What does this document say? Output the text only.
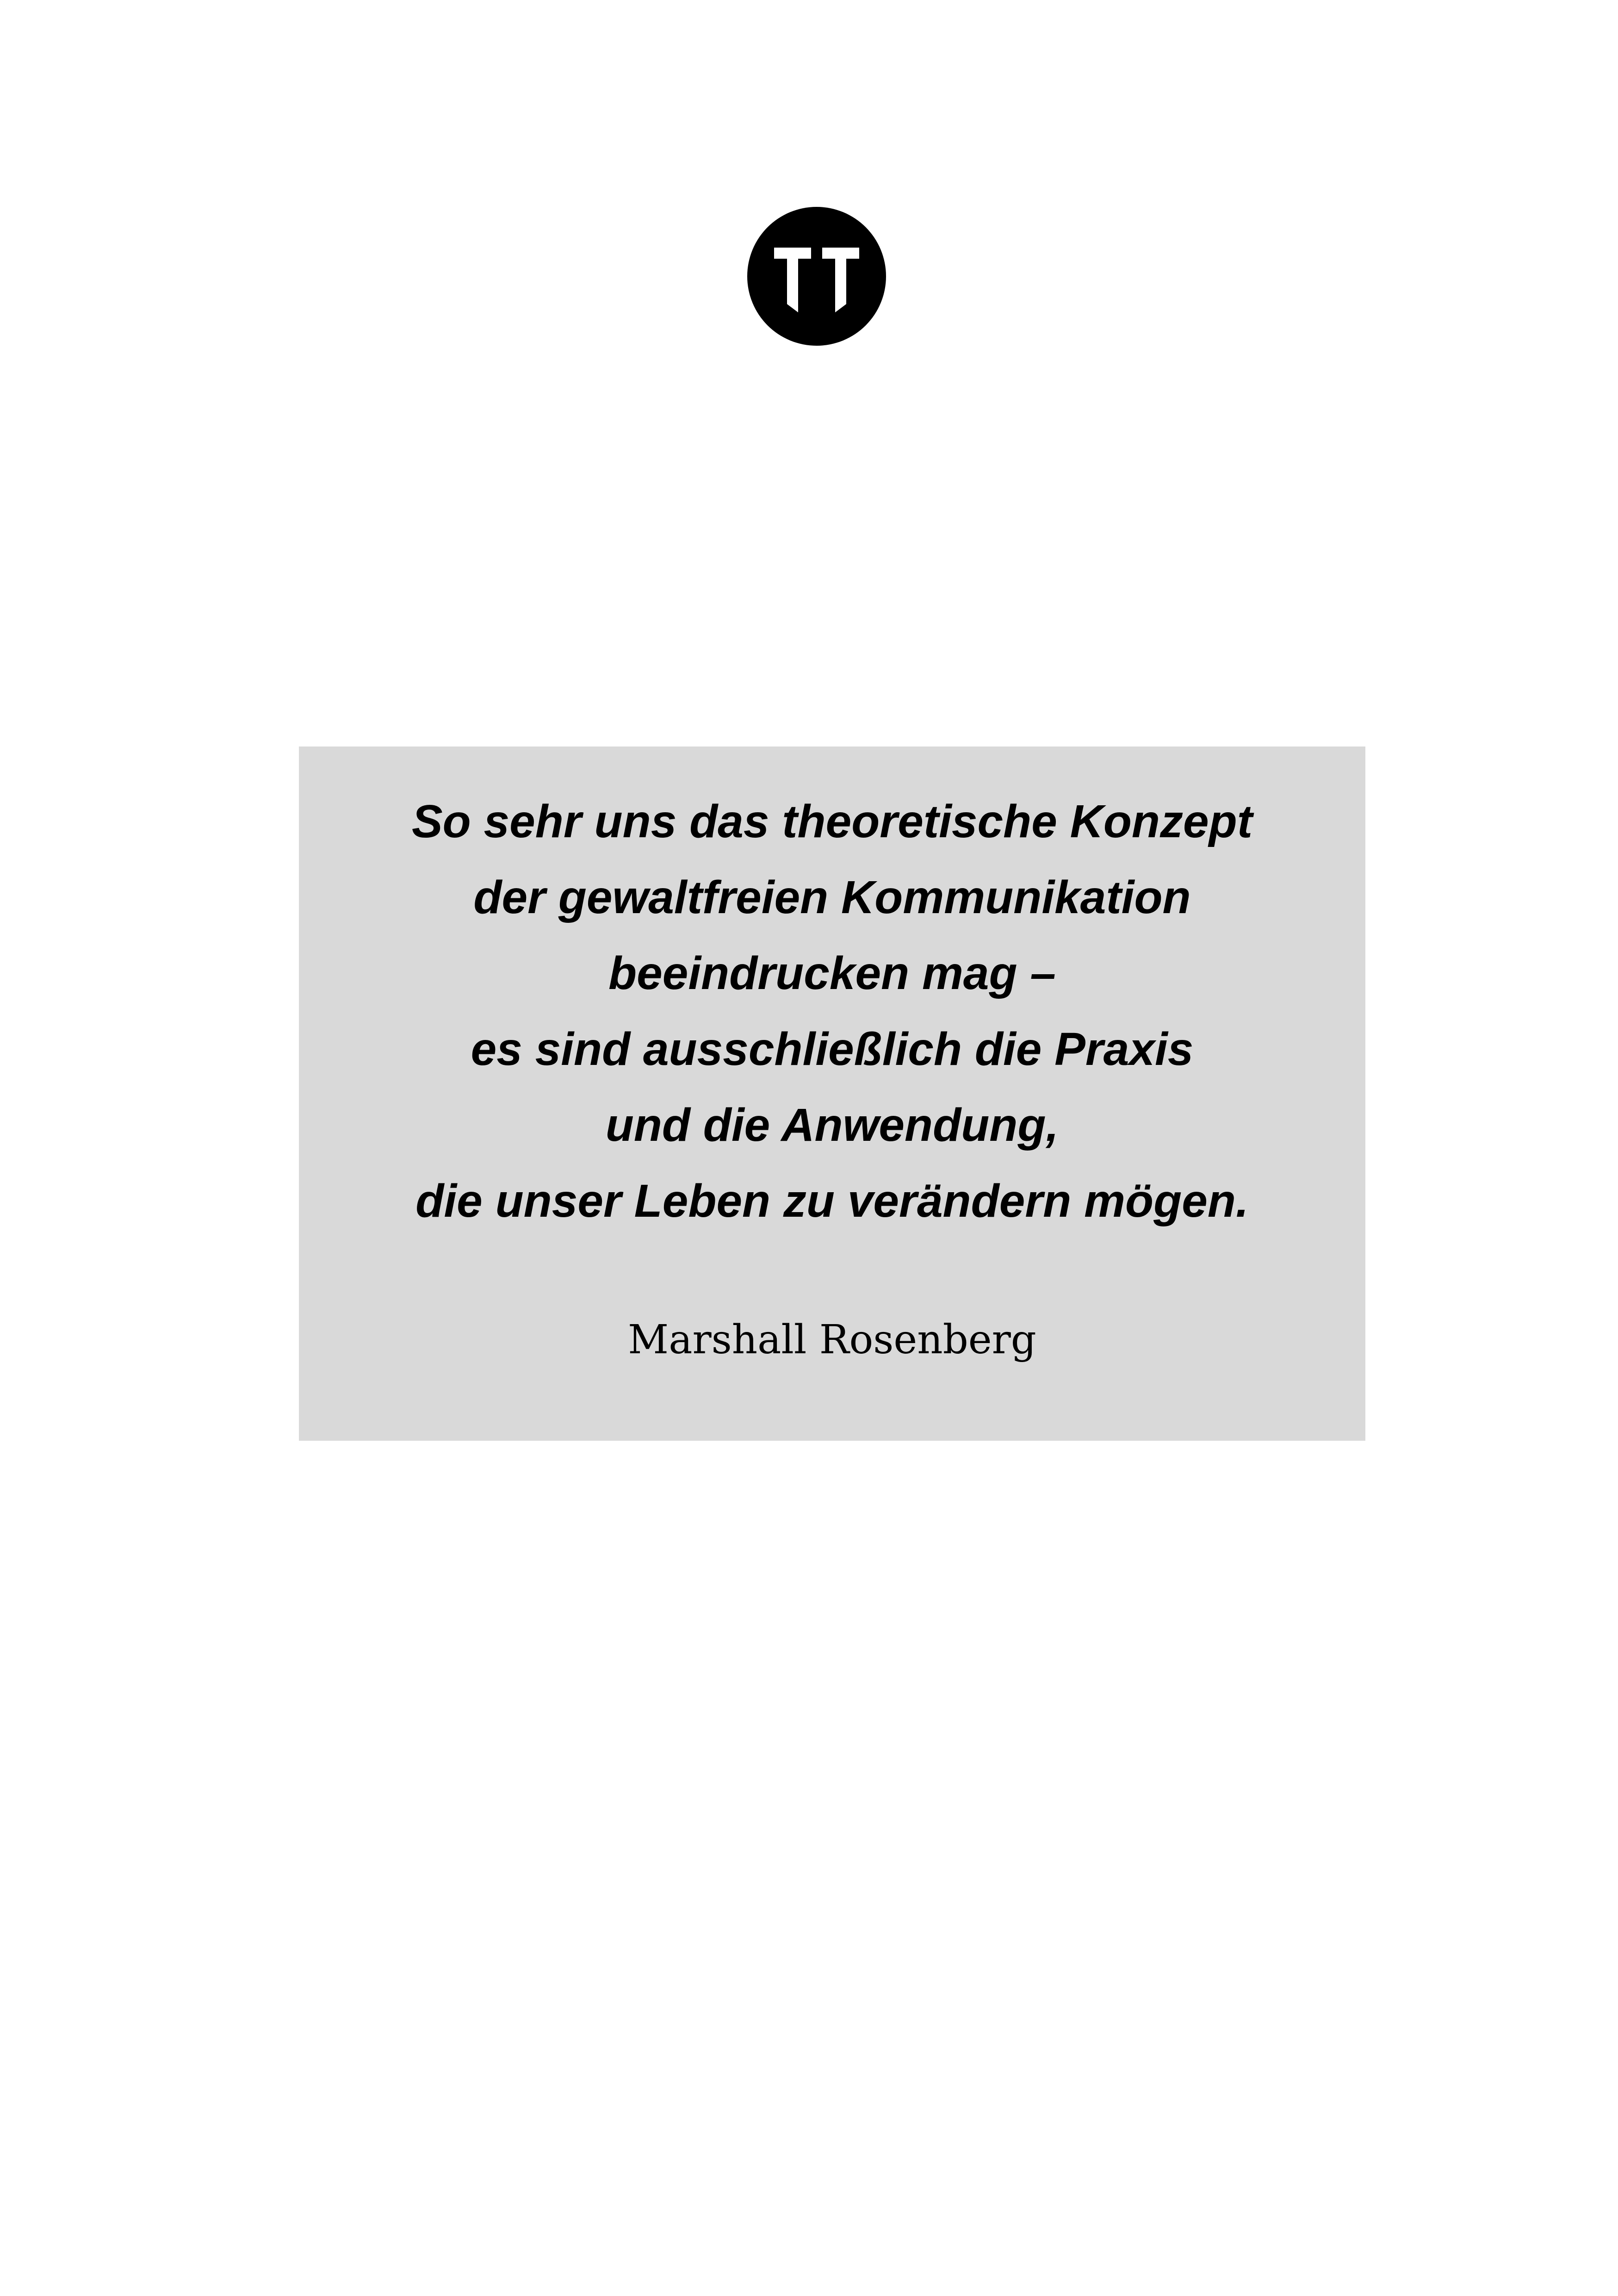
So sehr uns das theoretische Konzept
der gewaltfreien Kommunikation
beeindrucken mag –
es sind ausschließlich die Praxis
und die Anwendung,
die unser Leben zu verändern mögen.

Marshall Rosenberg
